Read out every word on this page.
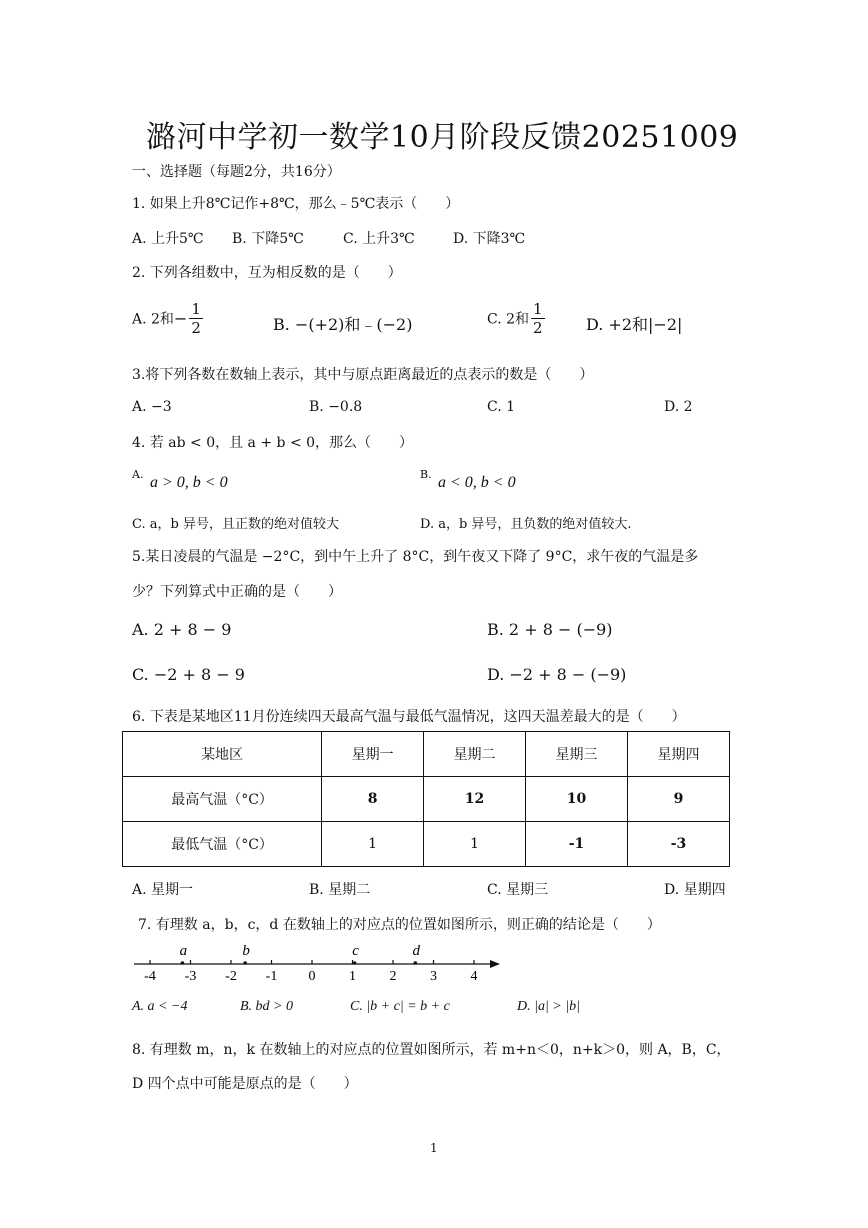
潞河中学初一数学10月阶段反馈20251009
一、选择题（每题2分，共16分）
1. 如果上升8℃记作+8℃，那么﹣5℃表示（　　）
A. 上升5℃ B. 下降5℃	C. 上升3℃	D. 下降3℃
2. 下列各组数中，互为相反数的是（　　）
A. 2和− $\frac{1}{2}$	B. −(+2)和﹣(−2)	C. 2和 $\frac{1}{2}$	D. +2和|−2|
3.将下列各数在数轴上表示，其中与原点距离最近的点表示的数是（　　）
A. −3	B. −0.8	C. 1	D. 2
4. 若 ab < 0，且 a + b < 0，那么（　　）
A. a > 0, b < 0	B. a < 0, b < 0
C. a，b 异号，且正数的绝对值较大	D. a，b 异号，且负数的绝对值较大.
5.某日凌晨的气温是 −2°C，到中午上升了 8°C，到午夜又下降了 9°C，求午夜的气温是多
少？下列算式中正确的是（　　）
A. 2 + 8 − 9	B. 2 + 8 − (−9)
C. −2 + 8 − 9	D. −2 + 8 − (−9)
6. 下表是某地区11月份连续四天最高气温与最低气温情况，这四天温差最大的是（　　）
某地区	星期一	星期二	星期三	星期四
最高气温（°C）	8	12	10	9
最低气温（°C）	1	1	-1	-3
A. 星期一	B. 星期二	C. 星期三	D. 星期四
7. 有理数 a，b，c，d 在数轴上的对应点的位置如图所示，则正确的结论是（　　）
-4 -3 -2 -1 0 1 2 3 4
a	b	c	d
A. a < −4	B. bd > 0	C. |b + c| = b + c	D. |a| > |b|
8. 有理数 m，n，k 在数轴上的对应点的位置如图所示，若 m+n＜0，n+k＞0，则 A，B，C，
D 四个点中可能是原点的是（　　）
1
